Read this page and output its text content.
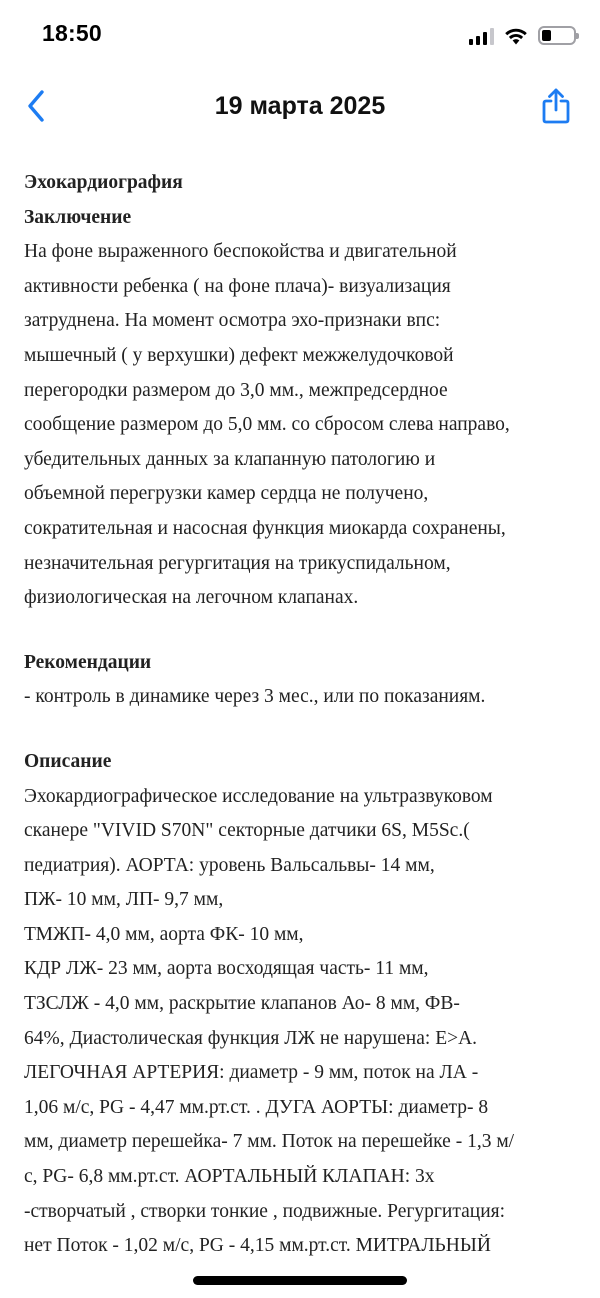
18:50
19 марта 2025
Эхокардиография
Заключение

На фоне выраженного беспокойства и двигательной
активности ребенка ( на фоне плача)- визуализация
затруднена. На момент осмотра эхо-признаки впс:
мышечный ( у верхушки) дефект межжелудочковой
перегородки размером до 3,0 мм., межпредсердное
сообщение размером до 5,0 мм. со сбросом слева направо,
убедительных данных за клапанную патологию и
объемной перегрузки камер сердца не получено,
сократительная и насосная функция миокарда сохранены,
незначительная регургитация на трикуспидальном,
физиологическая на легочном клапанах.

Рекомендации

- контроль в динамике через 3 мес., или по показаниям.

Описание

Эхокардиографическое исследование на ультразвуковом
сканере "VIVID S70N" секторные датчики 6S, M5Sc.(
педиатрия). АОРТА: уровень Вальсальвы- 14 мм,
ПЖ- 10 мм, ЛП- 9,7 мм,
ТМЖП- 4,0 мм, аорта ФК- 10 мм,
КДР ЛЖ- 23 мм, аорта восходящая часть- 11 мм,
ТЗСЛЖ - 4,0 мм, раскрытие клапанов Ао- 8 мм, ФВ-
64%, Диастолическая функция ЛЖ не нарушена: Е>А.
ЛЕГОЧНАЯ АРТЕРИЯ: диаметр - 9 мм, поток на ЛА -
1,06 м/с, PG - 4,47 мм.рт.ст. . ДУГА АОРТЫ: диаметр- 8
мм, диаметр перешейка- 7 мм. Поток на перешейке - 1,3 м/
с, PG- 6,8 мм.рт.ст. АОРТАЛЬНЫЙ КЛАПАН: 3х
-створчатый , створки тонкие , подвижные. Регургитация:
нет Поток - 1,02 м/с, PG - 4,15 мм.рт.ст. МИТРАЛЬНЫЙ
